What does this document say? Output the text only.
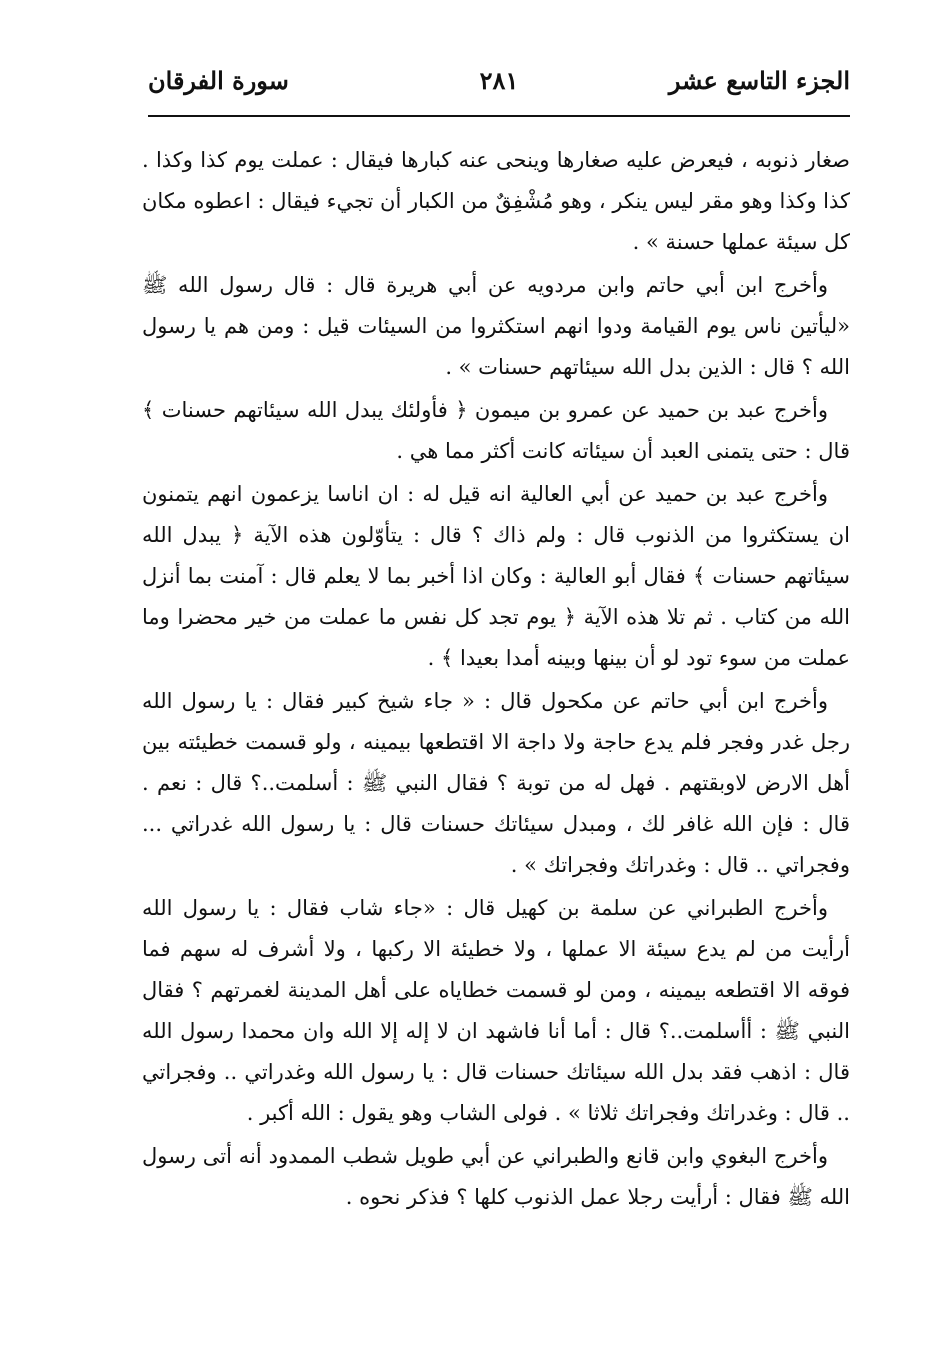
الجزء التاسع عشر
٢٨١
سورة الفرقان

صغار ذنوبه ، فيعرض عليه صغارها وينحى عنه كبارها فيقال : عملت يوم كذا وكذا . كذا وكذا وهو مقر ليس ينكر ، وهو مُشْفِقٌ من الكبار أن تجيء فيقال : اعطوه مكان كل سيئة عملها حسنة » .

وأخرج ابن أبي حاتم وابن مردويه عن أبي هريرة قال : قال رسول الله ﷺ «ليأتين ناس يوم القيامة ودوا انهم استكثروا من السيئات قيل : ومن هم يا رسول الله ؟ قال : الذين بدل الله سيئاتهم حسنات » .

وأخرج عبد بن حميد عن عمرو بن ميمون ﴿ فأولئك يبدل الله سيئاتهم حسنات ﴾ قال : حتى يتمنى العبد أن سيئاته كانت أكثر مما هي .

وأخرج عبد بن حميد عن أبي العالية انه قيل له : ان اناسا يزعمون انهم يتمنون ان يستكثروا من الذنوب قال : ولم ذاك ؟ قال : يتأوّلون هذه الآية ﴿ يبدل الله سيئاتهم حسنات ﴾ فقال أبو العالية : وكان اذا أخبر بما لا يعلم قال : آمنت بما أنزل الله من كتاب . ثم تلا هذه الآية ﴿ يوم تجد كل نفس ما عملت من خير محضرا وما عملت من سوء تود لو أن بينها وبينه أمدا بعيدا ﴾ .

وأخرج ابن أبي حاتم عن مكحول قال : « جاء شيخ كبير فقال : يا رسول الله رجل غدر وفجر فلم يدع حاجة ولا داجة الا اقتطعها بيمينه ، ولو قسمت خطيئته بين أهل الارض لاوبقتهم . فهل له من توبة ؟ فقال النبي ﷺ : أسلمت..؟ قال : نعم . قال : فإن الله غافر لك ، ومبدل سيئاتك حسنات قال : يا رسول الله غدراتي ... وفجراتي .. قال : وغدراتك وفجراتك » .

وأخرج الطبراني عن سلمة بن كهيل قال : «جاء شاب فقال : يا رسول الله أرأيت من لم يدع سيئة الا عملها ، ولا خطيئة الا ركبها ، ولا أشرف له سهم فما فوقه الا اقتطعه بيمينه ، ومن لو قسمت خطاياه على أهل المدينة لغمرتهم ؟ فقال النبي ﷺ : أأسلمت..؟ قال : أما أنا فاشهد ان لا إله إلا الله وان محمدا رسول الله قال : اذهب فقد بدل الله سيئاتك حسنات قال : يا رسول الله وغدراتي .. وفجراتي .. قال : وغدراتك وفجراتك ثلاثا » . فولى الشاب وهو يقول : الله أكبر .

وأخرج البغوي وابن قانع والطبراني عن أبي طويل شطب الممدود أنه أتى رسول الله ﷺ فقال : أرأيت رجلا عمل الذنوب كلها ؟ فذكر نحوه .
